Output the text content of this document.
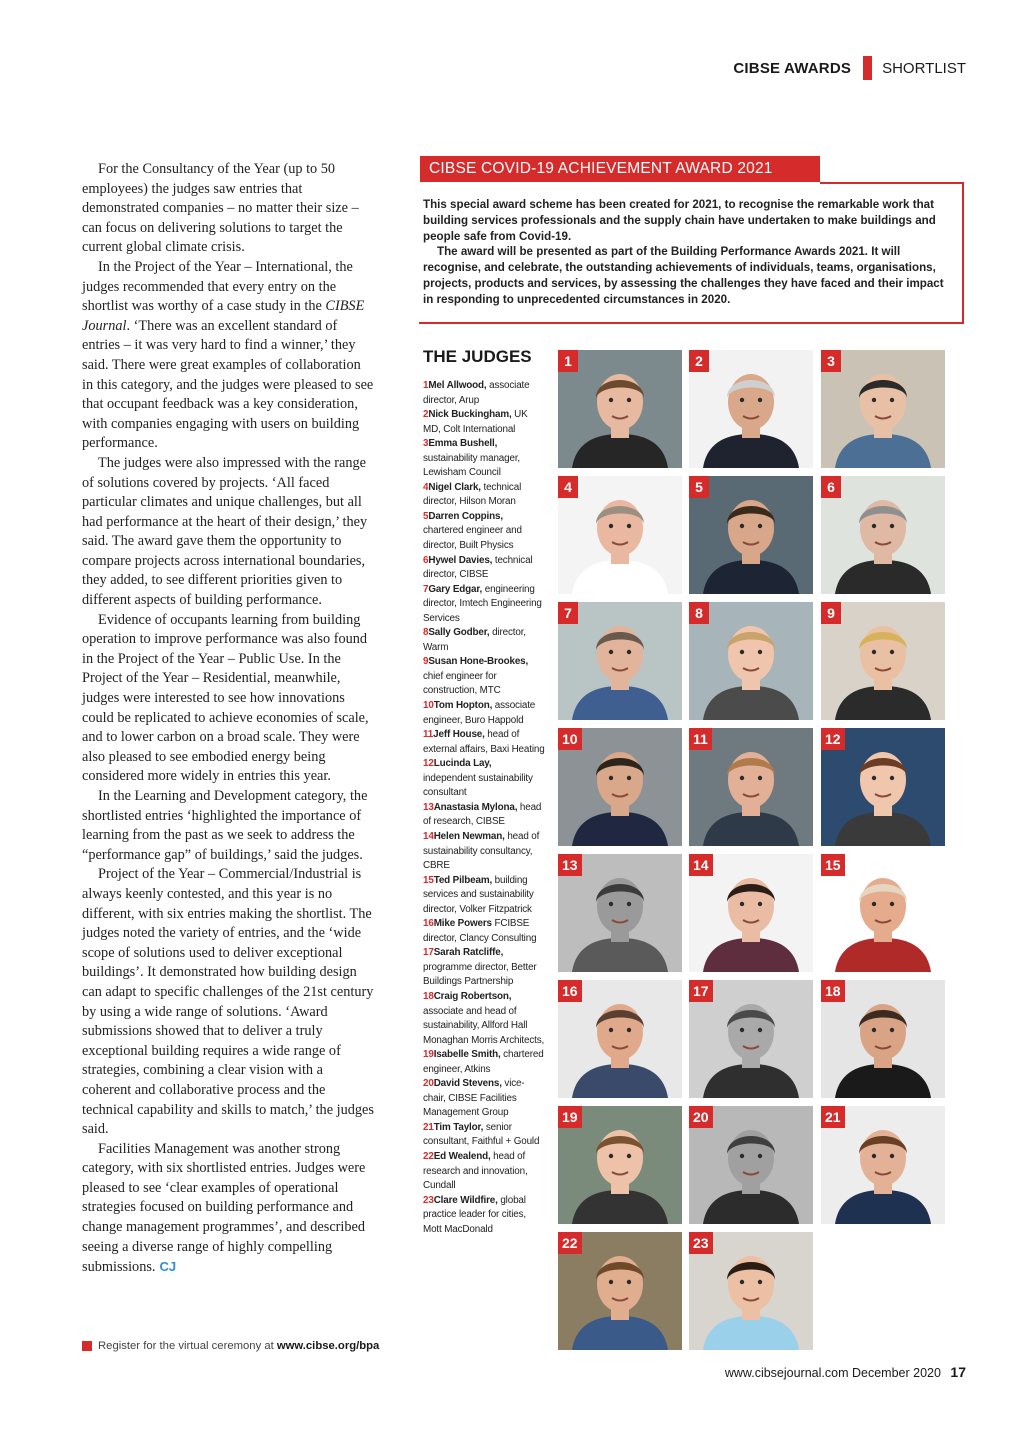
CIBSE AWARDS SHORTLIST

For the Consultancy of the Year (up to 50 employees) the judges saw entries that demonstrated companies – no matter their size – can focus on delivering solutions to target the current global climate crisis.

In the Project of the Year – International, the judges recommended that every entry on the shortlist was worthy of a case study in the CIBSE Journal. ‘There was an excellent standard of entries – it was very hard to find a winner,’ they said. There were great examples of collaboration in this category, and the judges were pleased to see that occupant feedback was a key consideration, with companies engaging with users on building performance.

The judges were also impressed with the range of solutions covered by projects. ‘All faced particular climates and unique challenges, but all had performance at the heart of their design,’ they said. The award gave them the opportunity to compare projects across international boundaries, they added, to see different priorities given to different aspects of building performance.

Evidence of occupants learning from building operation to improve performance was also found in the Project of the Year – Public Use. In the Project of the Year – Residential, meanwhile, judges were interested to see how innovations could be replicated to achieve economies of scale, and to lower carbon on a broad scale. They were also pleased to see embodied energy being considered more widely in entries this year.

In the Learning and Development category, the shortlisted entries ‘highlighted the importance of learning from the past as we seek to address the “performance gap” of buildings,’ said the judges.

Project of the Year – Commercial/Industrial is always keenly contested, and this year is no different, with six entries making the shortlist. The judges noted the variety of entries, and the ‘wide scope of solutions used to deliver exceptional buildings’. It demonstrated how building design can adapt to specific challenges of the 21st century by using a wide range of solutions. ‘Award submissions showed that to deliver a truly exceptional building requires a wide range of strategies, combining a clear vision with a coherent and collaborative process and the technical capability and skills to match,’ the judges said.

Facilities Management was another strong category, with six shortlisted entries. Judges were pleased to see ‘clear examples of operational strategies focused on building performance and change management programmes’, and described seeing a diverse range of highly compelling submissions. CJ

Register for the virtual ceremony at www.cibse.org/bpa
CIBSE COVID-19 ACHIEVEMENT AWARD 2021

This special award scheme has been created for 2021, to recognise the remarkable work that building services professionals and the supply chain have undertaken to make buildings and people safe from Covid-19.

The award will be presented as part of the Building Performance Awards 2021. It will recognise, and celebrate, the outstanding achievements of individuals, teams, organisations, projects, products and services, by assessing the challenges they have faced and their impact in responding to unprecedented circumstances in 2020.

THE JUDGES
1Mel Allwood, associate director, Arup
2Nick Buckingham, UK MD, Colt International
3Emma Bushell, sustainability manager, Lewisham Council
4Nigel Clark, technical director, Hilson Moran
5Darren Coppins, chartered engineer and director, Built Physics
6Hywel Davies, technical director, CIBSE
7Gary Edgar, engineering director, Imtech Engineering Services
8Sally Godber, director, Warm
9Susan Hone-Brookes, chief engineer for construction, MTC
10Tom Hopton, associate engineer, Buro Happold
11Jeff House, head of external affairs, Baxi Heating
12Lucinda Lay, independent sustainability consultant
13Anastasia Mylona, head of research, CIBSE
14Helen Newman, head of sustainability consultancy, CBRE
15Ted Pilbeam, building services and sustainability director, Volker Fitzpatrick
16Mike Powers FCIBSE director, Clancy Consulting
17Sarah Ratcliffe, programme director, Better Buildings Partnership
18Craig Robertson, associate and head of sustainability, Allford Hall Monaghan Morris Architects,
19Isabelle Smith, chartered engineer, Atkins
20David Stevens, vice-chair, CIBSE Facilities Management Group
21Tim Taylor, senior consultant, Faithful + Gould
22Ed Wealend, head of research and innovation, Cundall
23Clare Wildfire, global practice leader for cities, Mott MacDonald
1	2	3
4	5	6
7	8	9
10	11	12
13	14	15
16	17	18
19	20	21
22	23
www.cibsejournal.com December 2020 17
